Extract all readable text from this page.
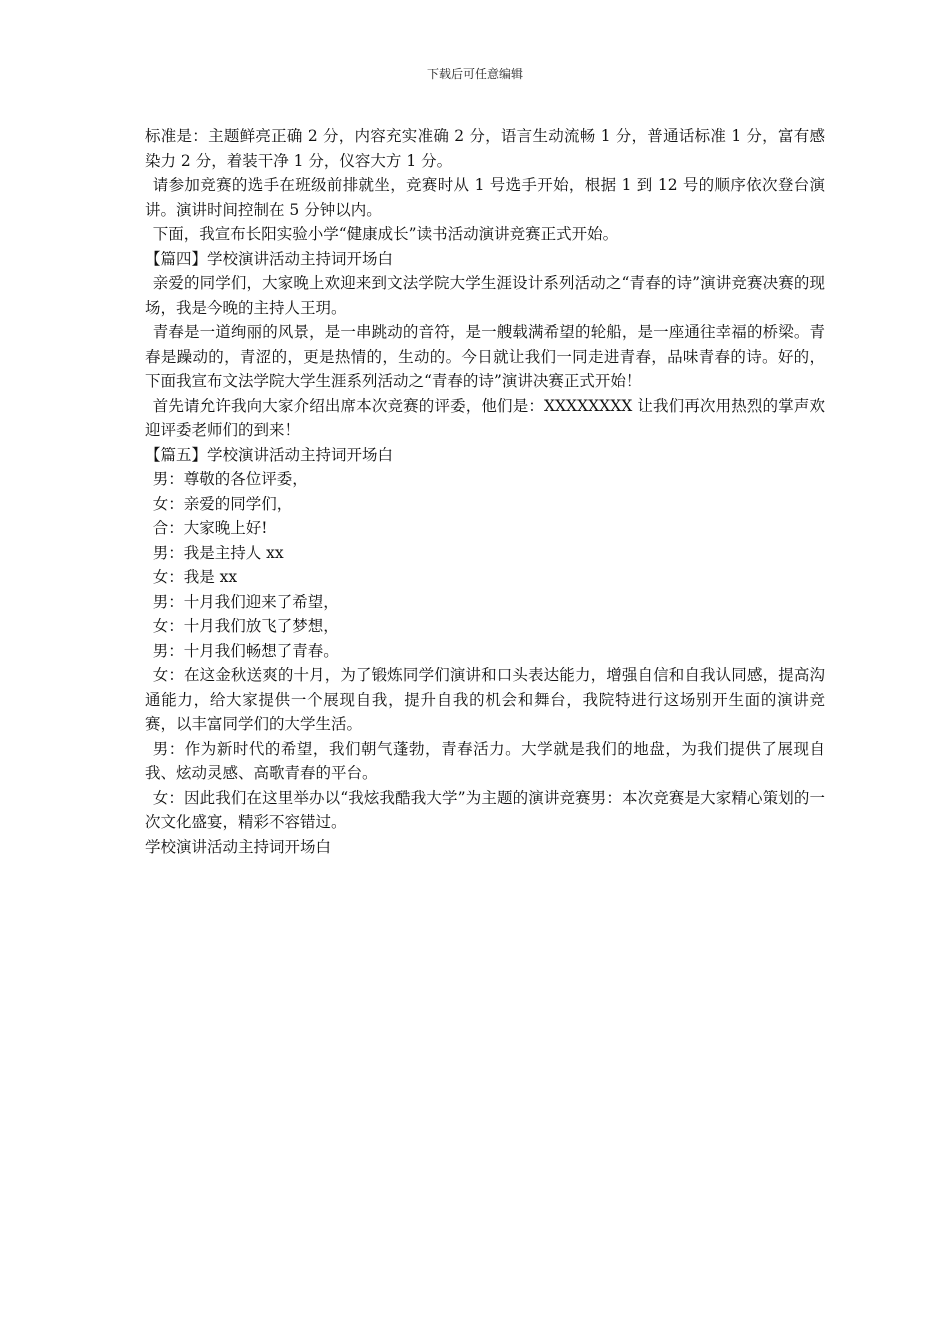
下载后可任意编辑

标准是：主题鲜亮正确 2 分，内容充实准确 2 分，语言生动流畅 1 分，普通话标准 1 分，富有感染力 2 分，着装干净 1 分，仪容大方 1 分。

请参加竞赛的选手在班级前排就坐，竞赛时从 1 号选手开始，根据 1 到 12 号的顺序依次登台演讲。演讲时间控制在 5 分钟以内。

下面，我宣布长阳实验小学“健康成长”读书活动演讲竞赛正式开始。

【篇四】学校演讲活动主持词开场白

亲爱的同学们，大家晚上欢迎来到文法学院大学生涯设计系列活动之“青春的诗”演讲竞赛决赛的现场，我是今晚的主持人王玥。

青春是一道绚丽的风景，是一串跳动的音符，是一艘载满希望的轮船，是一座通往幸福的桥梁。青春是躁动的，青涩的，更是热情的，生动的。今日就让我们一同走进青春，品味青春的诗。好的，下面我宣布文法学院大学生涯系列活动之“青春的诗”演讲决赛正式开始！

首先请允许我向大家介绍出席本次竞赛的评委，他们是：XXXXXXXX 让我们再次用热烈的掌声欢迎评委老师们的到来！

【篇五】学校演讲活动主持词开场白

男：尊敬的各位评委，

女：亲爱的同学们，

合：大家晚上好!

男：我是主持人 xx

女：我是 xx

男：十月我们迎来了希望，

女：十月我们放飞了梦想，

男：十月我们畅想了青春。

女：在这金秋送爽的十月，为了锻炼同学们演讲和口头表达能力，增强自信和自我认同感，提高沟通能力，给大家提供一个展现自我，提升自我的机会和舞台，我院特进行这场别开生面的演讲竞赛，以丰富同学们的大学生活。

男：作为新时代的希望，我们朝气蓬勃，青春活力。大学就是我们的地盘，为我们提供了展现自我、炫动灵感、高歌青春的平台。

女：因此我们在这里举办以“我炫我酷我大学”为主题的演讲竞赛男：本次竞赛是大家精心策划的一次文化盛宴，精彩不容错过。

学校演讲活动主持词开场白
